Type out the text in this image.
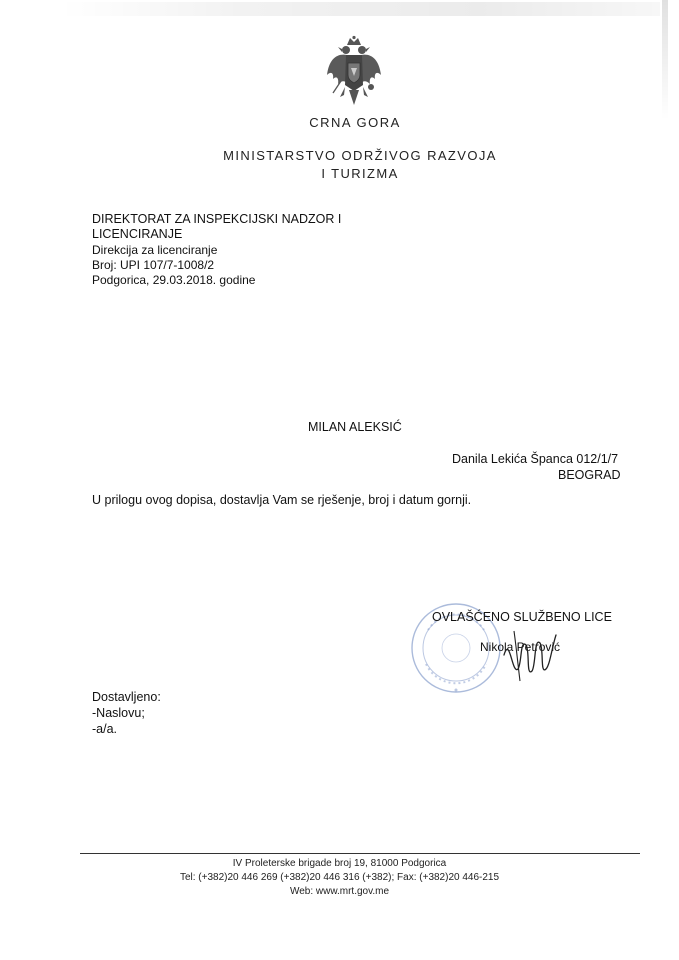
CRNA GORA
MINISTARSTVO ODRŽIVOG RAZVOJA
I TURIZMA
DIREKTORAT ZA INSPEKCIJSKI NADZOR I
LICENCIRANJE
Direkcija za licenciranje
Broj: UPI 107/7-1008/2
Podgorica, 29.03.2018. godine
MILAN ALEKSIĆ
Danila Lekića Španca 012/1/7
BEOGRAD
U prilogu ovog dopisa, dostavlja Vam se rješenje, broj i datum gornji.
OVLAŠĆENO SLUŽBENO LICE
Nikola Petrović
Dostavljeno:
-Naslovu;
-a/a.
IV Proleterske brigade broj 19, 81000 Podgorica
Tel: (+382)20 446 269 (+382)20 446 316 (+382); Fax: (+382)20 446-215
Web: www.mrt.gov.me
